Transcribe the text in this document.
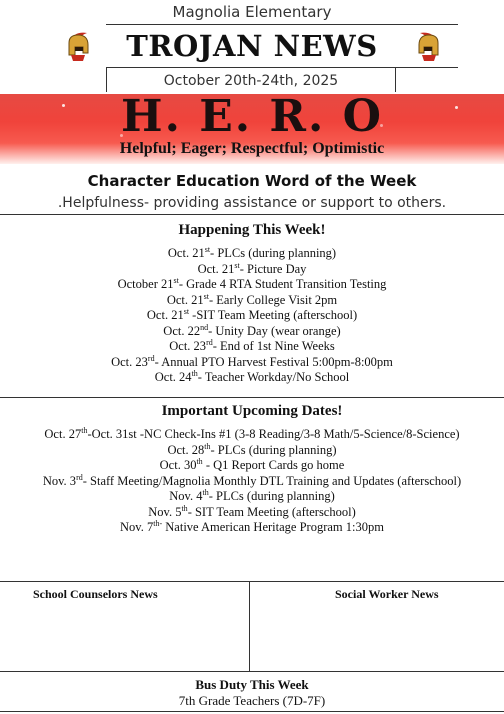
Magnolia Elementary
TROJAN NEWS
October 20th-24th, 2025
H. E. R. O
Helpful; Eager; Respectful; Optimistic
Character Education Word of the Week
.Helpfulness- providing assistance or support to others.
Happening This Week!
Oct. 21st- PLCs (during planning)
Oct. 21st- Picture Day
October 21st- Grade 4 RTA Student Transition Testing
Oct. 21st- Early College Visit 2pm
Oct. 21st -SIT Team Meeting (afterschool)
Oct. 22nd- Unity Day (wear orange)
Oct. 23rd- End of 1st Nine Weeks
Oct. 23rd- Annual PTO Harvest Festival 5:00pm-8:00pm
Oct. 24th- Teacher Workday/No School
Important Upcoming Dates!
Oct. 27th-Oct. 31st -NC Check-Ins #1 (3-8 Reading/3-8 Math/5-Science/8-Science)
Oct. 28th- PLCs (during planning)
Oct. 30th - Q1 Report Cards go home
Nov. 3rd- Staff Meeting/Magnolia Monthly DTL Training and Updates (afterschool)
Nov. 4th- PLCs (during planning)
Nov. 5th- SIT Team Meeting (afterschool)
Nov. $7^{th-}$ Native American Heritage Program 1:30pm
School Counselors News	Social Worker News
Bus Duty This Week
7th Grade Teachers (7D-7F)
